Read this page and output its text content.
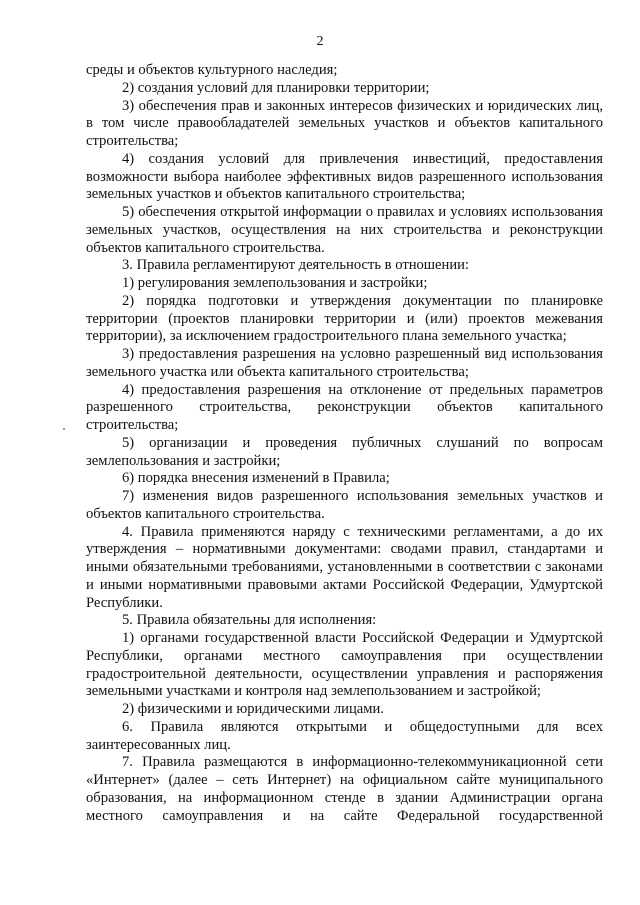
2

среды и объектов культурного наследия;

2) создания условий для планировки территории;

3) обеспечения прав и законных интересов физических и юридических лиц, в том числе правообладателей земельных участков и объектов капитального строительства;

4) создания условий для привлечения инвестиций, предоставления возможности выбора наиболее эффективных видов разрешенного использования земельных участков и объектов капитального строительства;

5) обеспечения открытой информации о правилах и условиях использования земельных участков, осуществления на них строительства и реконструкции объектов капитального строительства.

3. Правила регламентируют деятельность в отношении:

1) регулирования землепользования и застройки;

2) порядка подготовки и утверждения документации по планировке территории (проектов планировки территории и (или) проектов межевания территории), за исключением градостроительного плана земельного участка;

3) предоставления разрешения на условно разрешенный вид использования земельного участка или объекта капитального строительства;

4) предоставления разрешения на отклонение от предельных параметров разрешенного строительства, реконструкции объектов капитального строительства;

5) организации и проведения публичных слушаний по вопросам землепользования и застройки;

6) порядка внесения изменений в Правила;

7) изменения видов разрешенного использования земельных участков и объектов капитального строительства.

4. Правила применяются наряду с техническими регламентами, а до их утверждения – нормативными документами: сводами правил, стандартами и иными обязательными требованиями, установленными в соответствии с законами и иными нормативными правовыми актами Российской Федерации, Удмуртской Республики.

5. Правила обязательны для исполнения:

1) органами государственной власти Российской Федерации и Удмуртской Республики, органами местного самоуправления при осуществлении градостроительной деятельности, осуществлении управления и распоряжения земельными участками и контроля над землепользованием и застройкой;

2) физическими и юридическими лицами.

6. Правила являются открытыми и общедоступными для всех заинтересованных лиц.

7. Правила размещаются в информационно-телекоммуникационной сети «Интернет» (далее – сеть Интернет) на официальном сайте муниципального образования, на информационном стенде в здании Администрации органа местного самоуправления и на сайте Федеральной государственной
